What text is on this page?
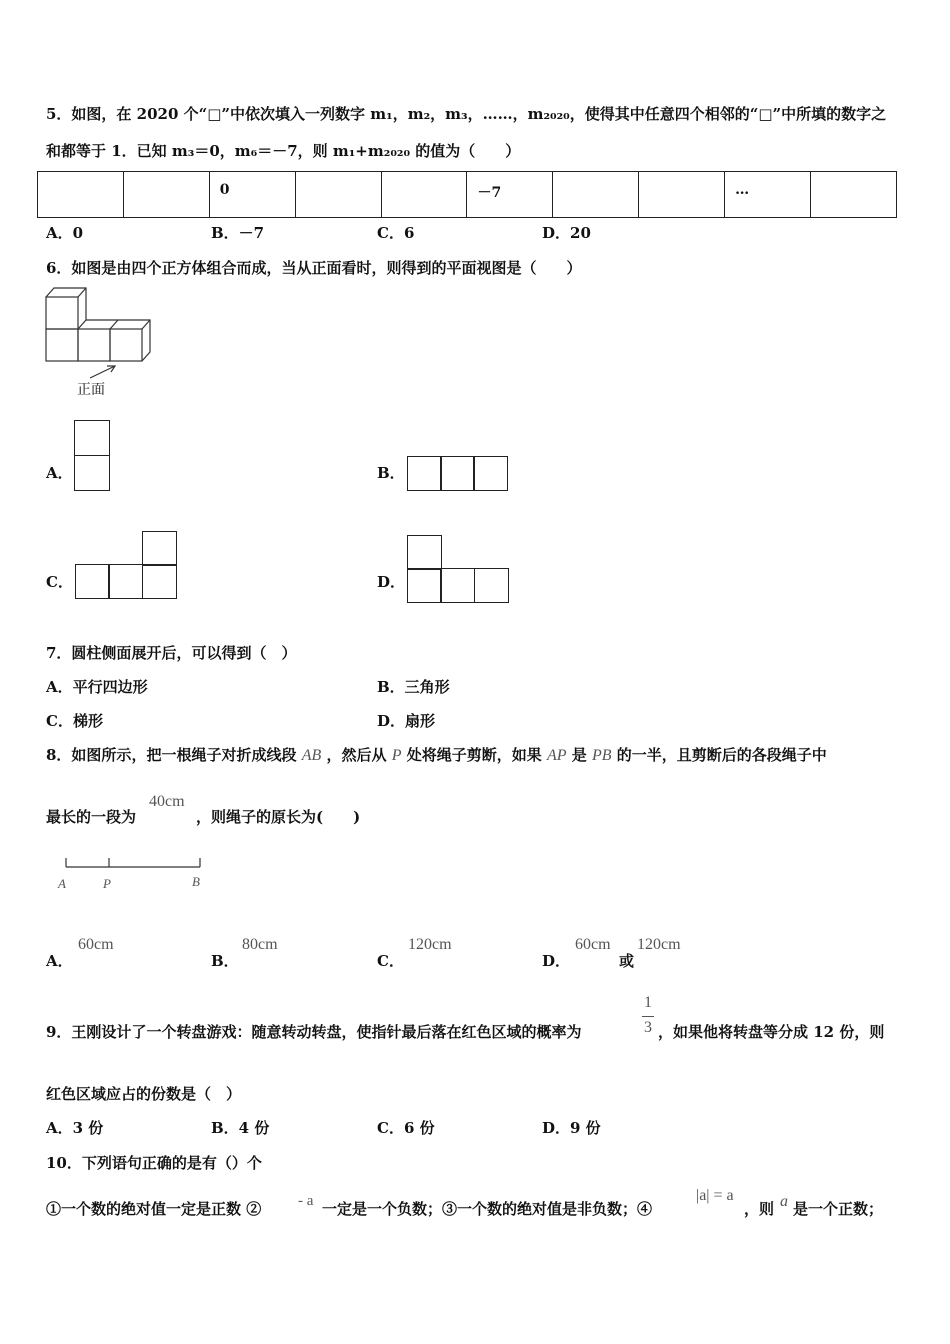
5．如图，在 2020 个“□”中依次填入一列数字 m₁，m₂，m₃，……，m₂₀₂₀，使得其中任意四个相邻的“□”中所填的数字之
和都等于 1．已知 m₃＝0，m₆＝－7，则 m₁+m₂₀₂₀ 的值为（　　）
		0			－7			…	
A．0	B．－7	C．6	D．20
6．如图是由四个正方体组合而成，当从正面看时，则得到的平面视图是（　　）
正面
A．	B．
C．	D．
7．圆柱侧面展开后，可以得到（　）
A．平行四边形	B．三角形
C．梯形	D．扇形
8．如图所示，把一根绳子对折成线段 AB ，然后从 P 处将绳子剪断，如果 AP 是 PB 的一半，且剪断后的各段绳子中
最长的一段为
40cm
，则绳子的原长为(　　)
A	P	B
A．
60cm
B．
80cm
C．
120cm
D．
60cm
或
120cm
9．王刚设计了一个转盘游戏：随意转动转盘，使指针最后落在红色区域的概率为
1
3 ，如果他将转盘等分成 12 份，则
红色区域应占的份数是（　）
A．3 份	B．4 份	C．6 份	D．9 份
10．下列语句正确的是有（）个
①一个数的绝对值一定是正数 ② - a 一定是一个负数；③一个数的绝对值是非负数；④
|a| = a
，则 a 是一个正数；
